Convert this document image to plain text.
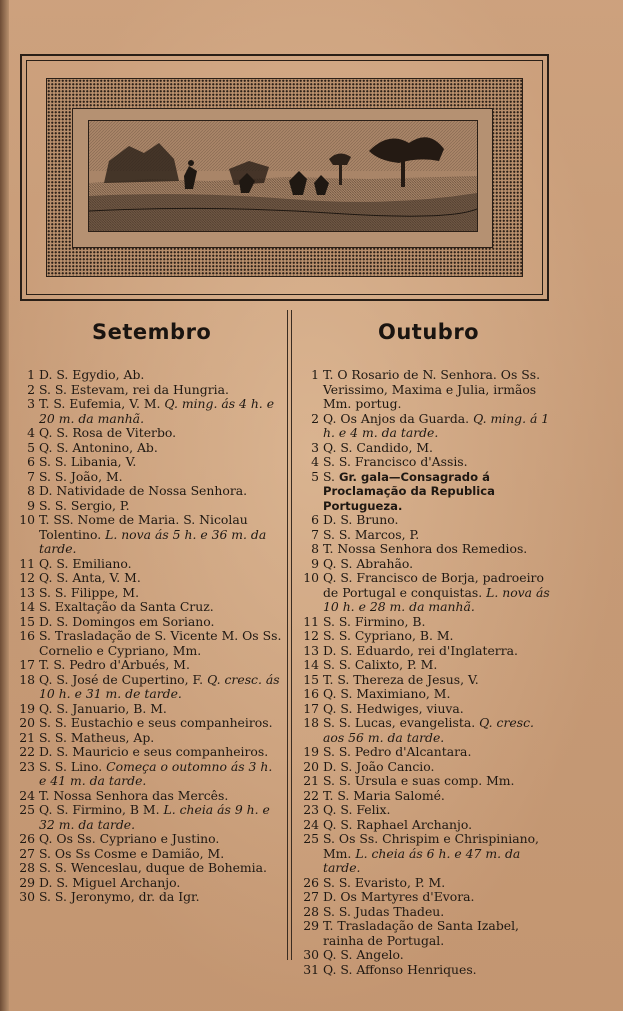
Setembro	Outubro
1 D. S. Egydio, Ab.
2 S. S. Estevam, rei da Hungria.
3 T. S. Eufemia, V. M. Q. ming. ás 4 h. e 20 m. da manhã.
4 Q. S. Rosa de Viterbo.
5 Q. S. Antonino, Ab.
6 S. S. Libania, V.
7 S. S. João, M.
8 D. Natividade de Nossa Senhora.
9 S. S. Sergio, P.
10 T. SS. Nome de Maria. S. Nicolau Tolentino. L. nova ás 5 h. e 36 m. da tarde.
11 Q. S. Emiliano.
12 Q. S. Anta, V. M.
13 S. S. Filippe, M.
14 S. Exaltação da Santa Cruz.
15 D. S. Domingos em Soriano.
16 S. Trasladação de S. Vicente M. Os Ss. Cornelio e Cypriano, Mm.
17 T. S. Pedro d'Arbués, M.
18 Q. S. José de Cupertino, F. Q. cresc. ás 10 h. e 31 m. de tarde.
19 Q. S. Januario, B. M.
20 S. S. Eustachio e seus companheiros.
21 S. S. Matheus, Ap.
22 D. S. Mauricio e seus companheiros.
23 S. S. Lino. Começa o outomno ás 3 h. e 41 m. da tarde.
24 T. Nossa Senhora das Mercês.
25 Q. S. Firmino, B M. L. cheia ás 9 h. e 32 m. da tarde.
26 Q. Os Ss. Cypriano e Justino.
27 S. Os Ss Cosme e Damião, M.
28 S. S. Wenceslau, duque de Bohemia.
29 D. S. Miguel Archanjo.
30 S. S. Jeronymo, dr. da Igr.
1 T. O Rosario de N. Senhora. Os Ss. Verissimo, Maxima e Julia, irmãos Mm. portug.
2 Q. Os Anjos da Guarda. Q. ming. á 1 h. e 4 m. da tarde.
3 Q. S. Candido, M.
4 S. S. Francisco d'Assis.
5 S. Gr. gala—Consagrado á Proclamação da Republica Portugueza.
6 D. S. Bruno.
7 S. S. Marcos, P.
8 T. Nossa Senhora dos Remedios.
9 Q. S. Abrahão.
10 Q. S. Francisco de Borja, padroeiro de Portugal e conquistas. L. nova ás 10 h. e 28 m. da manhã.
11 S. S. Firmino, B.
12 S. S. Cypriano, B. M.
13 D. S. Eduardo, rei d'Inglaterra.
14 S. S. Calixto, P. M.
15 T. S. Thereza de Jesus, V.
16 Q. S. Maximiano, M.
17 Q. S. Hedwiges, viuva.
18 S. S. Lucas, evangelista. Q. cresc. aos 56 m. da tarde.
19 S. S. Pedro d'Alcantara.
20 D. S. João Cancio.
21 S. S. Ursula e suas comp. Mm.
22 T. S. Maria Salomé.
23 Q. S. Felix.
24 Q. S. Raphael Archanjo.
25 S. Os Ss. Chrispim e Chrispiniano, Mm. L. cheia ás 6 h. e 47 m. da tarde.
26 S. S. Evaristo, P. M.
27 D. Os Martyres d'Evora.
28 S. S. Judas Thadeu.
29 T. Trasladação de Santa Izabel, rainha de Portugal.
30 Q. S. Angelo.
31 Q. S. Affonso Henriques.
